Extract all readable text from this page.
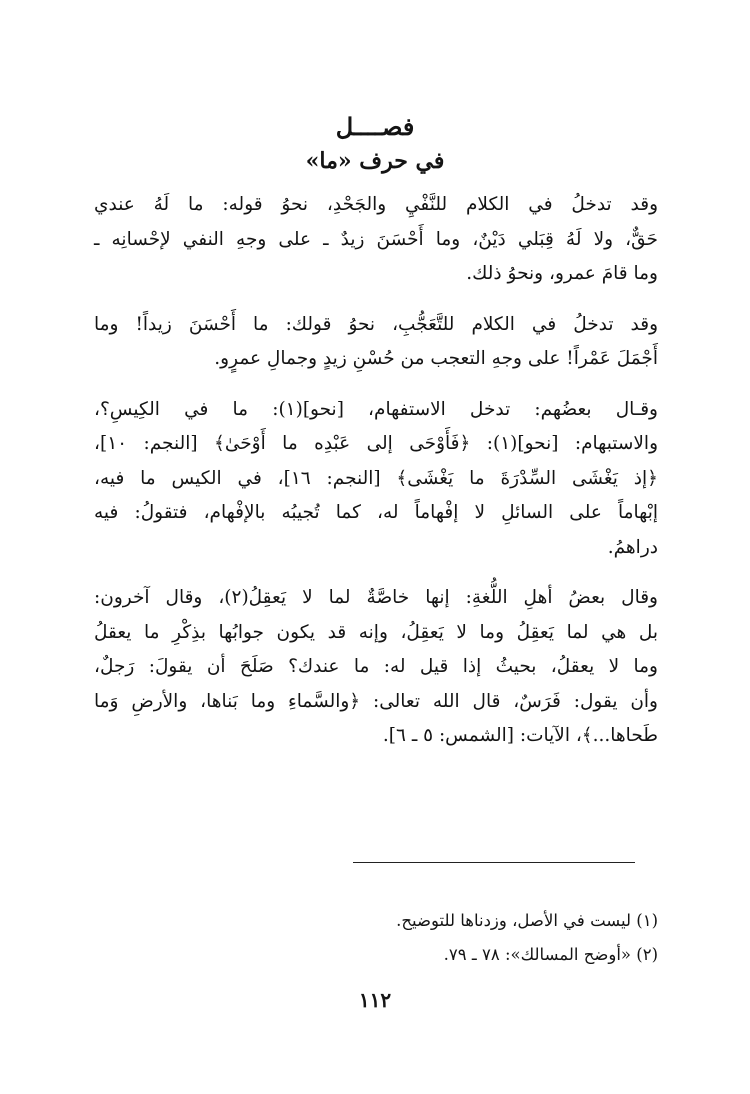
فصــــل
في حرف «ما»

وقد تدخلُ في الكلام للنَّفْيِ والجَحْدِ، نحوُ قوله: ما لَهُ عندي
حَقٌّ، ولا لَهُ قِبَلي دَيْنٌ، وما أَحْسَنَ زيدٌ ـ على وجهِ النفي لإحْسانِه ـ
وما قامَ عمرو، ونحوُ ذلك.

وقد تدخلُ في الكلام للتَّعَجُّبِ، نحوُ قولك: ما أَحْسَنَ زيداً! وما
أَجْمَلَ عَمْراً! على وجهِ التعجب من حُسْنِ زيدٍ وجمالِ عمرٍو.

وقـال بعضُهم: تدخل الاستفهام، [نحو](١): ما في الكِيسِ؟،
والاستبهام: [نحو](١): ﴿فَأَوْحَى إلى عَبْدِه ما أَوْحَىٰ﴾ [النجم: ١٠]،
﴿إذ يَغْشَى السِّدْرَةَ ما يَغْشَى﴾ [النجم: ١٦]، في الكيس ما فيه،
إبْهاماً على السائلِ لا إفْهاماً له، كما تُجيبُه بالإفْهام، فتقولُ: فيه
دراهمُ.

وقال بعضُ أهلِ اللُّغةِ: إنها خاصَّةٌ لما لا يَعقِلُ(٢)، وقال آخرون:
بل هي لما يَعقِلُ وما لا يَعقِلُ، وإنه قد يكون جوابُها بذِكْرِ ما يعقلُ
وما لا يعقلُ، بحيثُ إذا قيل له: ما عندك؟ صَلَحَ أن يقولَ: رَجلٌ،
وأن يقول: فَرَسٌ، قال الله تعالى: ﴿والسَّماءِ وما بَناها، والأرضِ وَما
طَحاها...﴾، الآيات: [الشمس: ٥ ـ ٦].

(١) ليست في الأصل، وزدناها للتوضيح.
(٢) «أوضح المسالك»: ٧٨ ـ ٧٩.
١١٢
